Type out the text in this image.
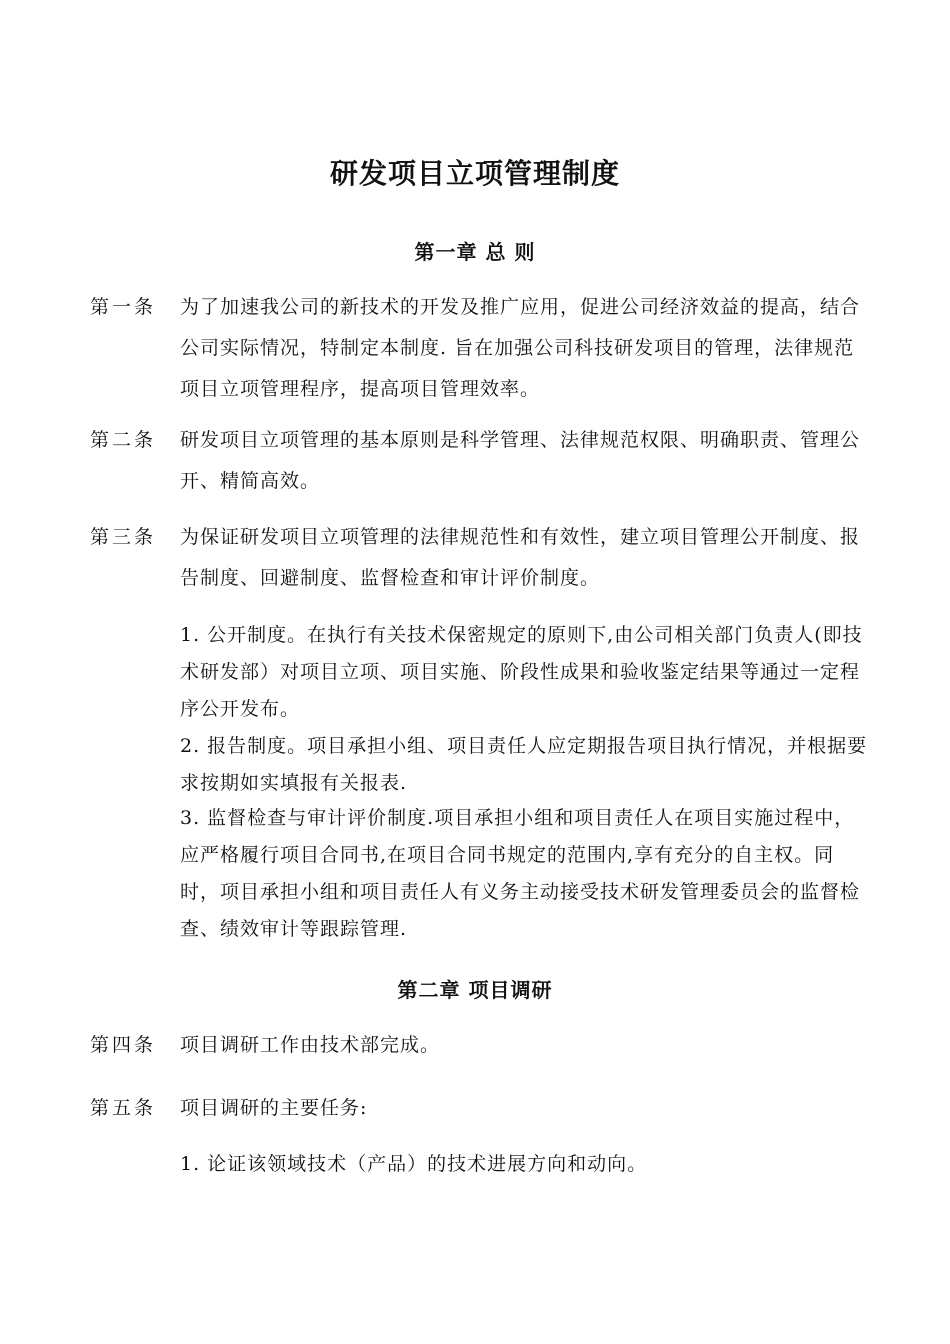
研发项目立项管理制度
第一章 总 则
第一条 为了加速我公司的新技术的开发及推广应用，促进公司经济效益的提高，结合公司实际情况，特制定本制度. 旨在加强公司科技研发项目的管理，法律规范项目立项管理程序，提高项目管理效率。
第二条 研发项目立项管理的基本原则是科学管理、法律规范权限、明确职责、管理公开、精简高效。
第三条 为保证研发项目立项管理的法律规范性和有效性，建立项目管理公开制度、报告制度、回避制度、监督检查和审计评价制度。
1. 公开制度。在执行有关技术保密规定的原则下,由公司相关部门负责人(即技术研发部）对项目立项、项目实施、阶段性成果和验收鉴定结果等通过一定程序公开发布。
2. 报告制度。项目承担小组、项目责任人应定期报告项目执行情况，并根据要求按期如实填报有关报表.
3. 监督检查与审计评价制度.项目承担小组和项目责任人在项目实施过程中，应严格履行项目合同书,在项目合同书规定的范围内,享有充分的自主权。同时，项目承担小组和项目责任人有义务主动接受技术研发管理委员会的监督检查、绩效审计等跟踪管理.
第二章 项目调研
第四条 项目调研工作由技术部完成。
第五条 项目调研的主要任务:
1. 论证该领域技术（产品）的技术进展方向和动向。
